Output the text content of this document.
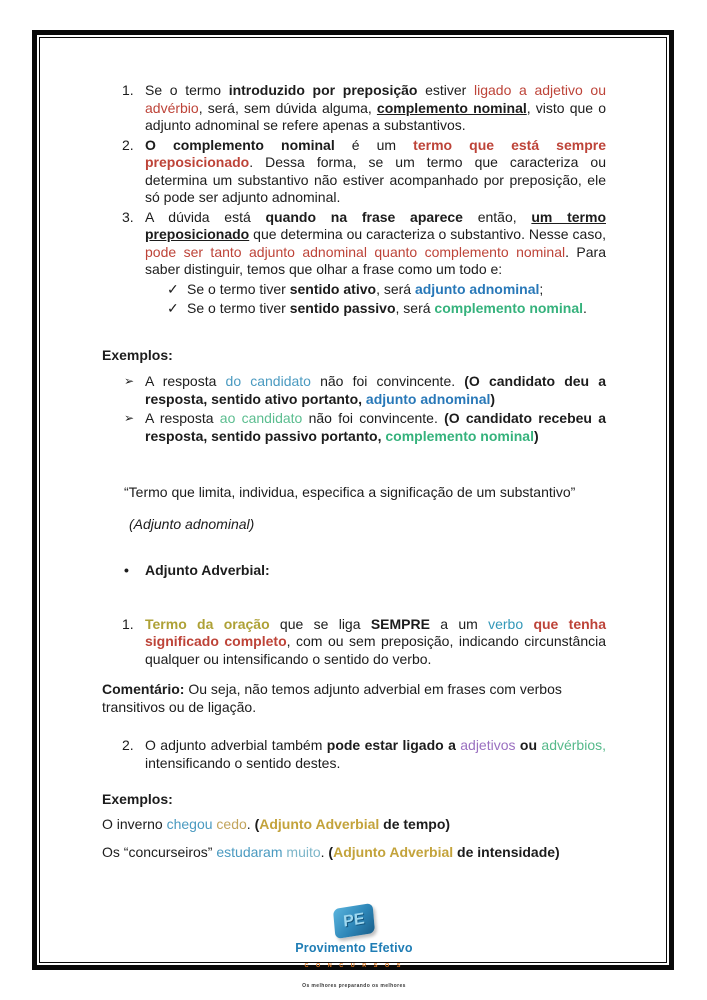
1. Se o termo introduzido por preposição estiver ligado a adjetivo ou advérbio, será, sem dúvida alguma, complemento nominal, visto que o adjunto adnominal se refere apenas a substantivos.
2. O complemento nominal é um termo que está sempre preposicionado. Dessa forma, se um termo que caracteriza ou determina um substantivo não estiver acompanhado por preposição, ele só pode ser adjunto adnominal.
3. A dúvida está quando na frase aparece então, um termo preposicionado que determina ou caracteriza o substantivo. Nesse caso, pode ser tanto adjunto adnominal quanto complemento nominal. Para saber distinguir, temos que olhar a frase como um todo e:
✓ Se o termo tiver sentido ativo, será adjunto adnominal;
✓ Se o termo tiver sentido passivo, será complemento nominal.
Exemplos:
➢ A resposta do candidato não foi convincente. (O candidato deu a resposta, sentido ativo portanto, adjunto adnominal)
➢ A resposta ao candidato não foi convincente. (O candidato recebeu a resposta, sentido passivo portanto, complemento nominal)
“Termo que limita, individua, especifica a significação de um substantivo”
(Adjunto adnominal)
• Adjunto Adverbial:
1. Termo da oração que se liga SEMPRE a um verbo que tenha significado completo, com ou sem preposição, indicando circunstância qualquer ou intensificando o sentido do verbo.
Comentário: Ou seja, não temos adjunto adverbial em frases com verbos transitivos ou de ligação.
2. O adjunto adverbial também pode estar ligado a adjetivos ou advérbios, intensificando o sentido destes.
Exemplos:
O inverno chegou cedo. (Adjunto Adverbial de tempo)
Os “concurseiros” estudaram muito. (Adjunto Adverbial de intensidade)
PE
Provimento Efetivo
C O N C U R S O S
Os melhores preparando os melhores
